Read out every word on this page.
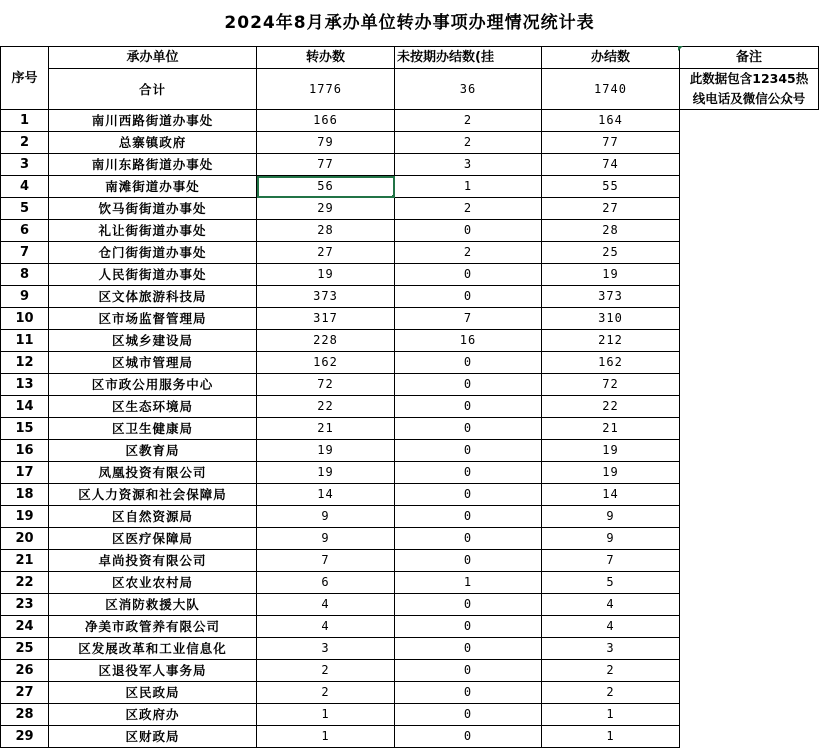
2024年8月承办单位转办事项办理情况统计表
序号	承办单位	转办数	未按期办结数(挂	办结数	备注
	合计	1776	36	1740	此数据包含12345热线电话及微信公众号
1	南川西路街道办事处	166	2	164	
2	总寨镇政府	79	2	77	
3	南川东路街道办事处	77	3	74	
4	南滩街道办事处	56	1	55	
5	饮马街街道办事处	29	2	27	
6	礼让街街道办事处	28	0	28	
7	仓门街街道办事处	27	2	25	
8	人民街街道办事处	19	0	19	
9	区文体旅游科技局	373	0	373	
10	区市场监督管理局	317	7	310	
11	区城乡建设局	228	16	212	
12	区城市管理局	162	0	162	
13	区市政公用服务中心	72	0	72	
14	区生态环境局	22	0	22	
15	区卫生健康局	21	0	21	
16	区教育局	19	0	19	
17	凤凰投资有限公司	19	0	19	
18	区人力资源和社会保障局	14	0	14	
19	区自然资源局	9	0	9	
20	区医疗保障局	9	0	9	
21	卓尚投资有限公司	7	0	7	
22	区农业农村局	6	1	5	
23	区消防救援大队	4	0	4	
24	净美市政管养有限公司	4	0	4	
25	区发展改革和工业信息化	3	0	3	
26	区退役军人事务局	2	0	2	
27	区民政局	2	0	2	
28	区政府办	1	0	1	
29	区财政局	1	0	1	
